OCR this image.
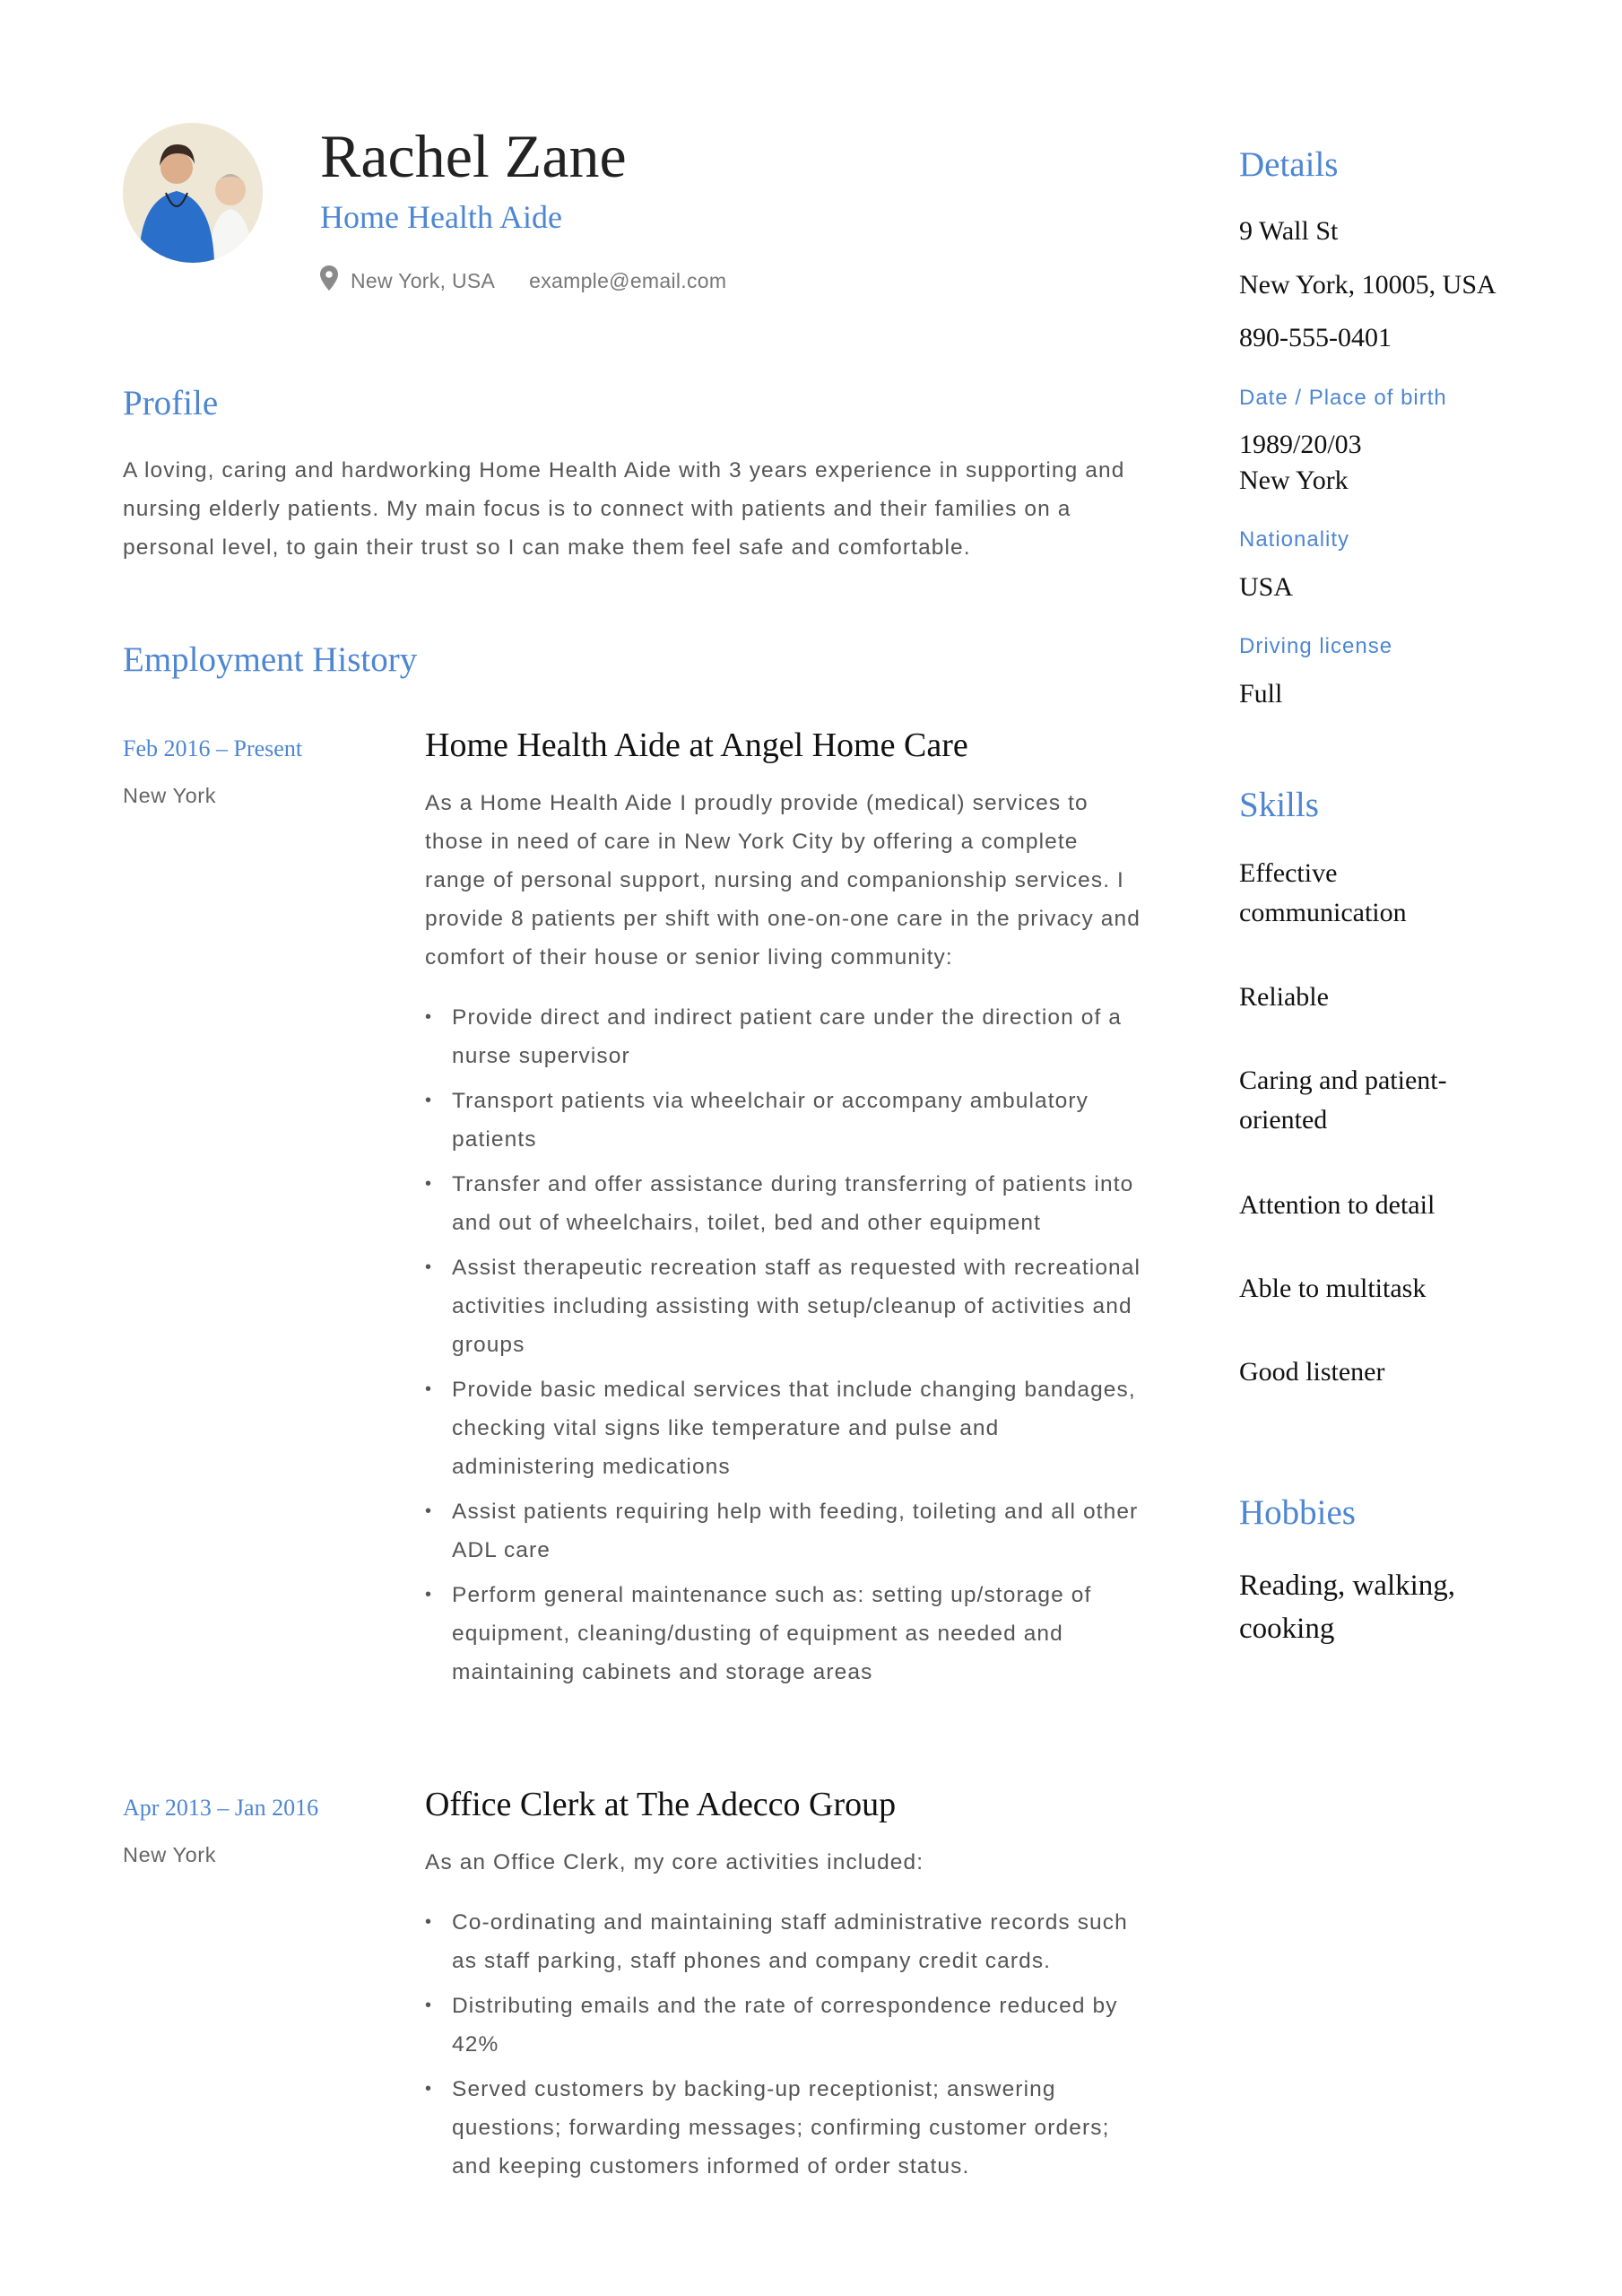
Rachel Zane
Home Health Aide
New York, USA example@email.com
Profile
A loving, caring and hardworking Home Health Aide with 3 years experience in supporting and nursing elderly patients. My main focus is to connect with patients and their families on a personal level, to gain their trust so I can make them feel safe and comfortable.
Employment History
Feb 2016 – Present
New York
Home Health Aide at Angel Home Care
As a Home Health Aide I proudly provide (medical) services to those in need of care in New York City by offering a complete range of personal support, nursing and companionship services. I provide 8 patients per shift with one-on-one care in the privacy and comfort of their house or senior living community:
• Provide direct and indirect patient care under the direction of a nurse supervisor
• Transport patients via wheelchair or accompany ambulatory patients
• Transfer and offer assistance during transferring of patients into and out of wheelchairs, toilet, bed and other equipment
• Assist therapeutic recreation staff as requested with recreational activities including assisting with setup/cleanup of activities and groups
• Provide basic medical services that include changing bandages, checking vital signs like temperature and pulse and administering medications
• Assist patients requiring help with feeding, toileting and all other ADL care
• Perform general maintenance such as: setting up/storage of equipment, cleaning/dusting of equipment as needed and maintaining cabinets and storage areas
Apr 2013 – Jan 2016
New York
Office Clerk at The Adecco Group
As an Office Clerk, my core activities included:
• Co-ordinating and maintaining staff administrative records such as staff parking, staff phones and company credit cards.
• Distributing emails and the rate of correspondence reduced by 42%
• Served customers by backing-up receptionist; answering questions; forwarding messages; confirming customer orders; and keeping customers informed of order status.
Details
9 Wall St
New York, 10005, USA
890-555-0401
Date / Place of birth
1989/20/03
New York
Nationality
USA
Driving license
Full
Skills
Effective communication
Reliable
Caring and patient-oriented
Attention to detail
Able to multitask
Good listener
Hobbies
Reading, walking, cooking
